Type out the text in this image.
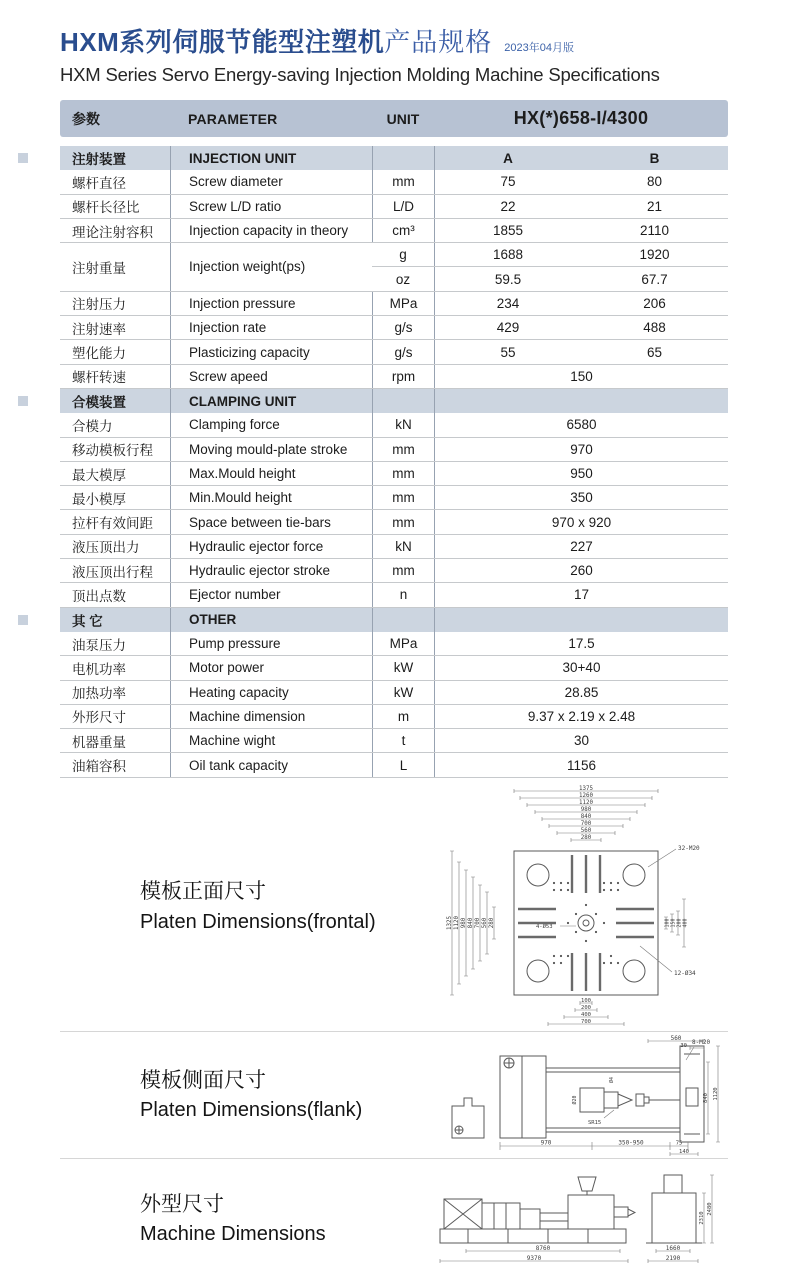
HXM系列伺服节能型注塑机 产品规格 2023年04月版
HXM Series Servo Energy-saving Injection Molding Machine Specifications
参数	PARAMETER	UNIT	HX(*)658-I/4300
注射装置	INJECTION UNIT	A	B
螺杆直径	Screw diameter	mm	75	80
螺杆长径比	Screw L/D ratio	L/D	22	21
理论注射容积	Injection capacity in theory	cm³	1855	2110
注射重量	Injection weight(ps)
g	1688	1920
oz	59.5	67.7
注射压力	Injection pressure	MPa	234	206
注射速率	Injection rate	g/s	429	488
塑化能力	Plasticizing capacity	g/s	55	65
螺杆转速	Screw apeed	rpm	150
合模装置	CLAMPING UNIT
合模力	Clamping force	kN	6580
移动模板行程	Moving mould-plate stroke	mm	970
最大模厚	Max.Mould height	mm	950
最小模厚	Min.Mould height	mm	350
拉杆有效间距	Space between tie-bars	mm	970 x 920
液压顶出力	Hydraulic ejector force	kN	227
液压顶出行程	Hydraulic ejector stroke	mm	260
顶出点数	Ejector number	n	17
其 它	OTHER
油泵压力	Pump pressure	MPa	17.5
电机功率	Motor power	kW	30+40
加热功率	Heating capacity	kW	28.85
外形尺寸	Machine dimension	m	9.37 x 2.19 x 2.48
机器重量	Machine wight	t	30
油箱容积	Oil tank capacity	L	1156
模板正面尺寸
Platen Dimensions(frontal)
1375
1260
1120
980
840
700
560
280
1325 1120 980 840 700 560 280	100 150 200 400
100
200
400
700
32-M20
4-Ø53
12-Ø34
模板侧面尺寸
Platen Dimensions(flank)
560
30
8-M20
Ø4
Ø20
SR15
840 1120
970	350-950	75
140
外型尺寸
Machine Dimensions
8760
9370
1660
2190
2310
2480
